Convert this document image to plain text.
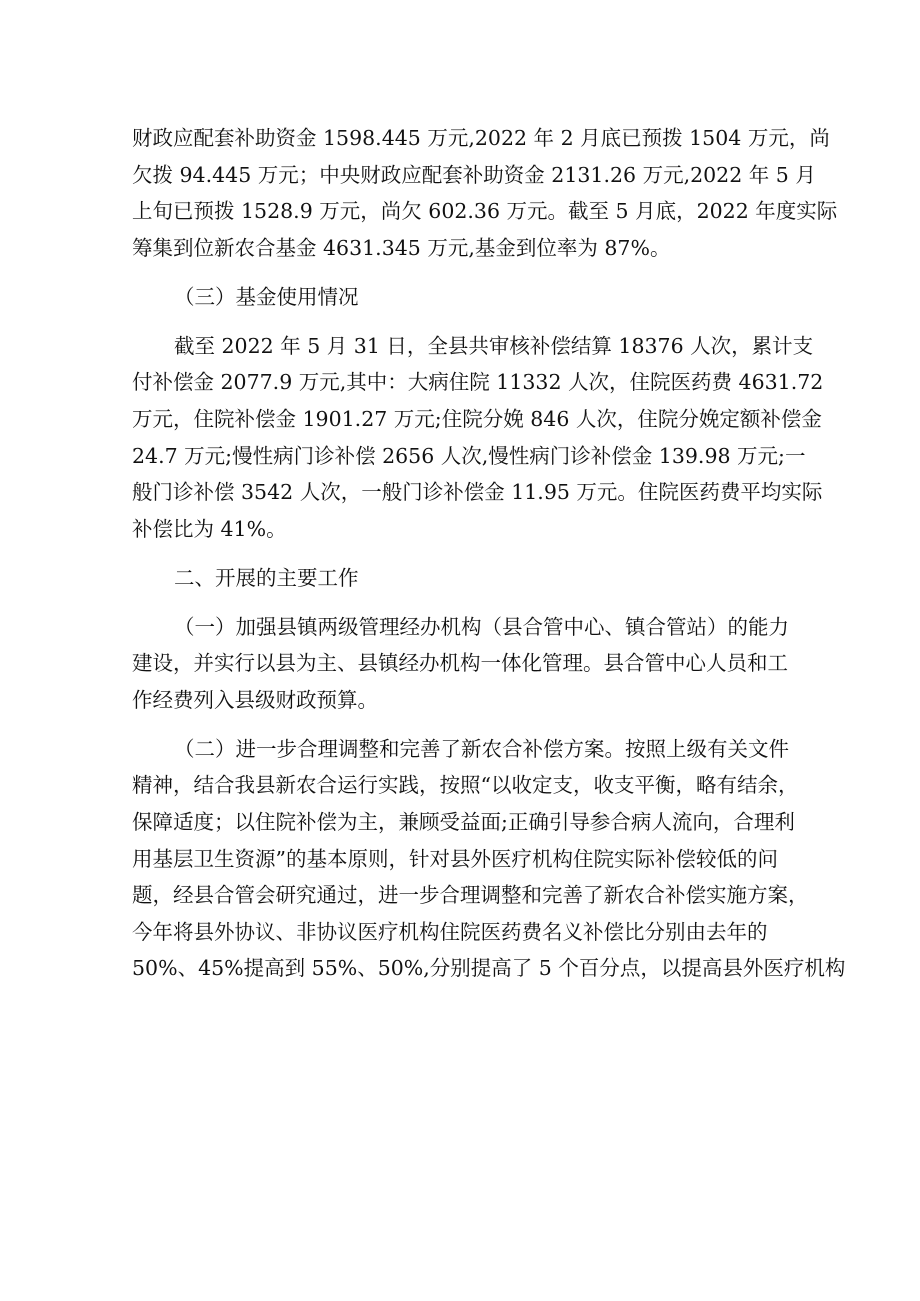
财政应配套补助资金 1598.445 万元,2022 年 2 月底已预拨 1504 万元，尚
欠拨 94.445 万元；中央财政应配套补助资金 2131.26 万元,2022 年 5 月
上旬已预拨 1528.9 万元，尚欠 602.36 万元。截至 5 月底，2022 年度实际
筹集到位新农合基金 4631.345 万元,基金到位率为 87%。
（三）基金使用情况
截至 2022 年 5 月 31 日，全县共审核补偿结算 18376 人次，累计支
付补偿金 2077.9 万元,其中：大病住院 11332 人次，住院医药费 4631.72
万元，住院补偿金 1901.27 万元;住院分娩 846 人次，住院分娩定额补偿金
24.7 万元;慢性病门诊补偿 2656 人次,慢性病门诊补偿金 139.98 万元;一
般门诊补偿 3542 人次，一般门诊补偿金 11.95 万元。住院医药费平均实际
补偿比为 41%。
二、开展的主要工作
（一）加强县镇两级管理经办机构（县合管中心、镇合管站）的能力
建设，并实行以县为主、县镇经办机构一体化管理。县合管中心人员和工
作经费列入县级财政预算。
（二）进一步合理调整和完善了新农合补偿方案。按照上级有关文件
精神，结合我县新农合运行实践，按照“以收定支，收支平衡，略有结余，
保障适度；以住院补偿为主，兼顾受益面;正确引导参合病人流向，合理利
用基层卫生资源”的基本原则，针对县外医疗机构住院实际补偿较低的问
题，经县合管会研究通过，进一步合理调整和完善了新农合补偿实施方案，
今年将县外协议、非协议医疗机构住院医药费名义补偿比分别由去年的
50%、45%提高到 55%、50%,分别提高了 5 个百分点，以提高县外医疗机构
